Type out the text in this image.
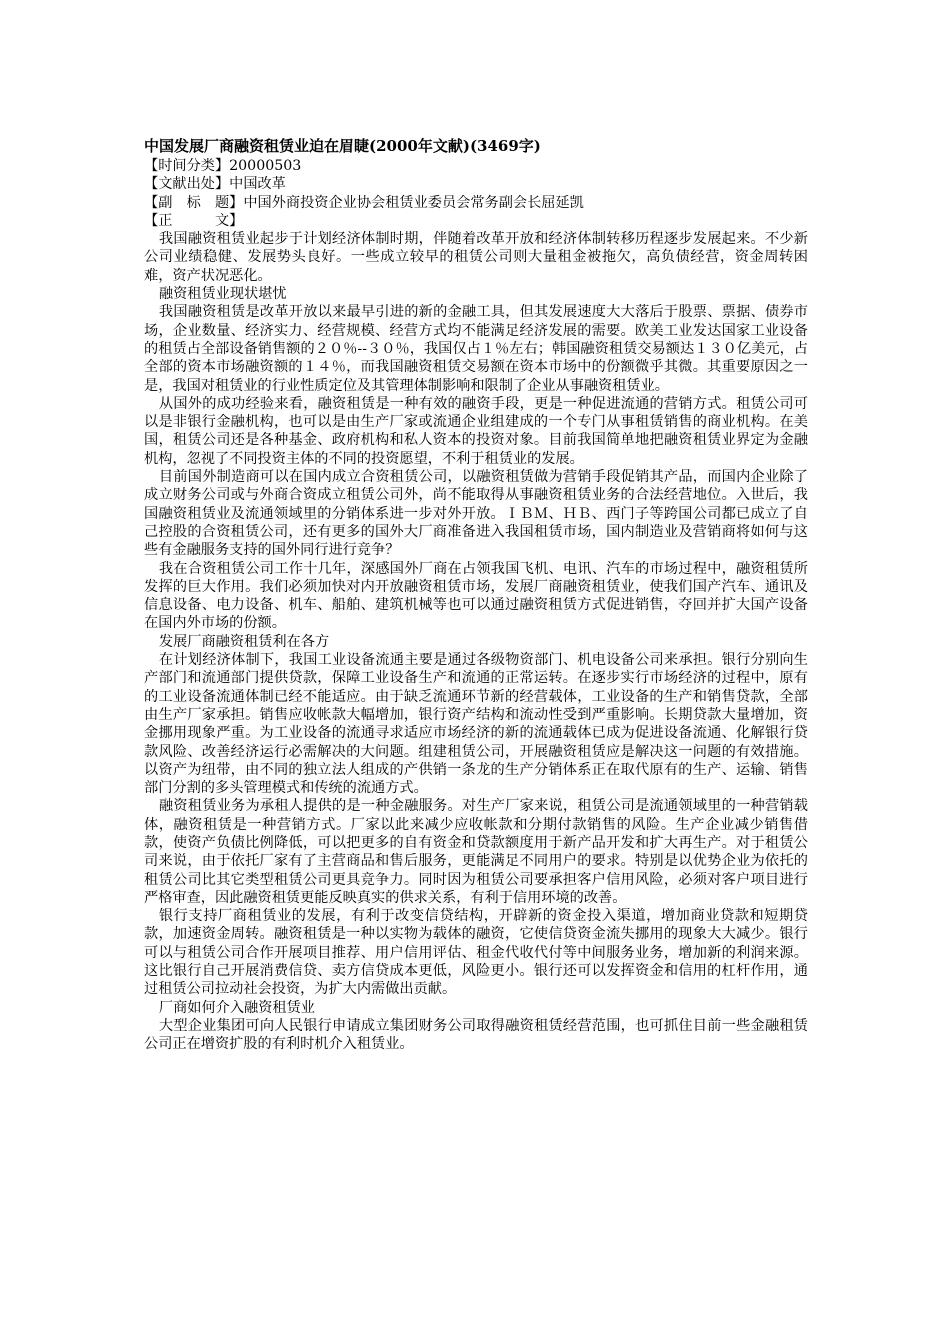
中国发展厂商融资租赁业迫在眉睫(2000年文献)(3469字)
【时间分类】20000503
【文献出处】中国改革
【副　标　题】中国外商投资企业协会租赁业委员会常务副会长屈延凯
【正　　　文】
我国融资租赁业起步于计划经济体制时期，伴随着改革开放和经济体制转移历程逐步发展起来。不少新公司业绩稳健、发展势头良好。一些成立较早的租赁公司则大量租金被拖欠，高负债经营，资金周转困难，资产状况恶化。
融资租赁业现状堪忧
我国融资租赁是改革开放以来最早引进的新的金融工具，但其发展速度大大落后于股票、票据、债券市场，企业数量、经济实力、经营规模、经营方式均不能满足经济发展的需要。欧美工业发达国家工业设备的租赁占全部设备销售额的２０％--３０％，我国仅占１％左右；韩国融资租赁交易额达１３０亿美元，占全部的资本市场融资额的１４％，而我国融资租赁交易额在资本市场中的份额微乎其微。其重要原因之一是，我国对租赁业的行业性质定位及其管理体制影响和限制了企业从事融资租赁业。
从国外的成功经验来看，融资租赁是一种有效的融资手段，更是一种促进流通的营销方式。租赁公司可以是非银行金融机构，也可以是由生产厂家或流通企业组建成的一个专门从事租赁销售的商业机构。在美国，租赁公司还是各种基金、政府机构和私人资本的投资对象。目前我国简单地把融资租赁业界定为金融机构，忽视了不同投资主体的不同的投资愿望，不利于租赁业的发展。
目前国外制造商可以在国内成立合资租赁公司，以融资租赁做为营销手段促销其产品，而国内企业除了成立财务公司或与外商合资成立租赁公司外，尚不能取得从事融资租赁业务的合法经营地位。入世后，我国融资租赁业及流通领域里的分销体系进一步对外开放。ＩＢＭ、ＨＢ、西门子等跨国公司都已成立了自己控股的合资租赁公司，还有更多的国外大厂商准备进入我国租赁市场，国内制造业及营销商将如何与这些有金融服务支持的国外同行进行竞争？
我在合资租赁公司工作十几年，深感国外厂商在占领我国飞机、电讯、汽车的市场过程中，融资租赁所发挥的巨大作用。我们必须加快对内开放融资租赁市场，发展厂商融资租赁业，使我们国产汽车、通讯及信息设备、电力设备、机车、船舶、建筑机械等也可以通过融资租赁方式促进销售，夺回并扩大国产设备在国内外市场的份额。
发展厂商融资租赁利在各方
在计划经济体制下，我国工业设备流通主要是通过各级物资部门、机电设备公司来承担。银行分别向生产部门和流通部门提供贷款，保障工业设备生产和流通的正常运转。在逐步实行市场经济的过程中，原有的工业设备流通体制已经不能适应。由于缺乏流通环节新的经营载体，工业设备的生产和销售贷款，全部由生产厂家承担。销售应收帐款大幅增加，银行资产结构和流动性受到严重影响。长期贷款大量增加，资金挪用现象严重。为工业设备的流通寻求适应市场经济的新的流通载体已成为促进设备流通、化解银行贷款风险、改善经济运行必需解决的大问题。组建租赁公司，开展融资租赁应是解决这一问题的有效措施。以资产为纽带，由不同的独立法人组成的产供销一条龙的生产分销体系正在取代原有的生产、运输、销售部门分割的多头管理模式和传统的流通方式。
融资租赁业务为承租人提供的是一种金融服务。对生产厂家来说，租赁公司是流通领域里的一种营销载体，融资租赁是一种营销方式。厂家以此来减少应收帐款和分期付款销售的风险。生产企业减少销售借款，使资产负债比例降低，可以把更多的自有资金和贷款额度用于新产品开发和扩大再生产。对于租赁公司来说，由于依托厂家有了主营商品和售后服务，更能满足不同用户的要求。特别是以优势企业为依托的租赁公司比其它类型租赁公司更具竞争力。同时因为租赁公司要承担客户信用风险，必须对客户项目进行严格审查，因此融资租赁更能反映真实的供求关系，有利于信用环境的改善。
银行支持厂商租赁业的发展，有利于改变信贷结构，开辟新的资金投入渠道，增加商业贷款和短期贷款，加速资金周转。融资租赁是一种以实物为载体的融资，它使信贷资金流失挪用的现象大大减少。银行可以与租赁公司合作开展项目推荐、用户信用评估、租金代收代付等中间服务业务，增加新的利润来源。这比银行自己开展消费信贷、卖方信贷成本更低，风险更小。银行还可以发挥资金和信用的杠杆作用，通过租赁公司拉动社会投资，为扩大内需做出贡献。
厂商如何介入融资租赁业
大型企业集团可向人民银行申请成立集团财务公司取得融资租赁经营范围，也可抓住目前一些金融租赁公司正在增资扩股的有利时机介入租赁业。
